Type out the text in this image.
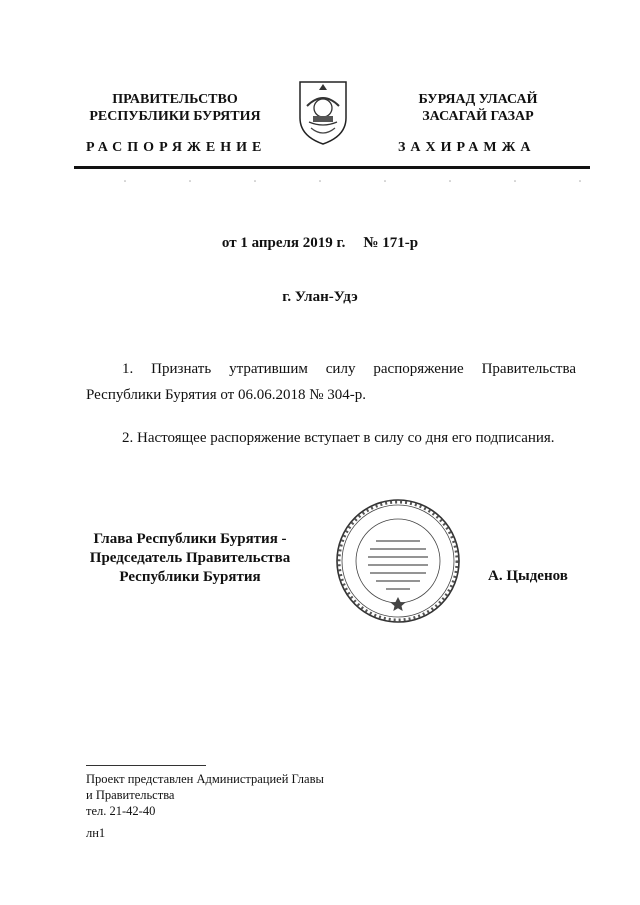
ПРАВИТЕЛЬСТВО
РЕСПУБЛИКИ БУРЯТИЯ
БУРЯАД УЛАСАЙ
ЗАСАГАЙ ГАЗАР
РАСПОРЯЖЕНИЕ	ЗАХИРАМЖА
от 1 апреля 2019 г. № 171-р
г. Улан-Удэ
1. Признать утратившим силу распоряжение Правительства Республики Бурятия от 06.06.2018 № 304-р.
2. Настоящее распоряжение вступает в силу со дня его подписания.
Глава Республики Бурятия -
Председатель Правительства
Республики Бурятия	А. Цыденов
Проект представлен Администрацией Главы
и Правительства
тел. 21-42-40
лн1
